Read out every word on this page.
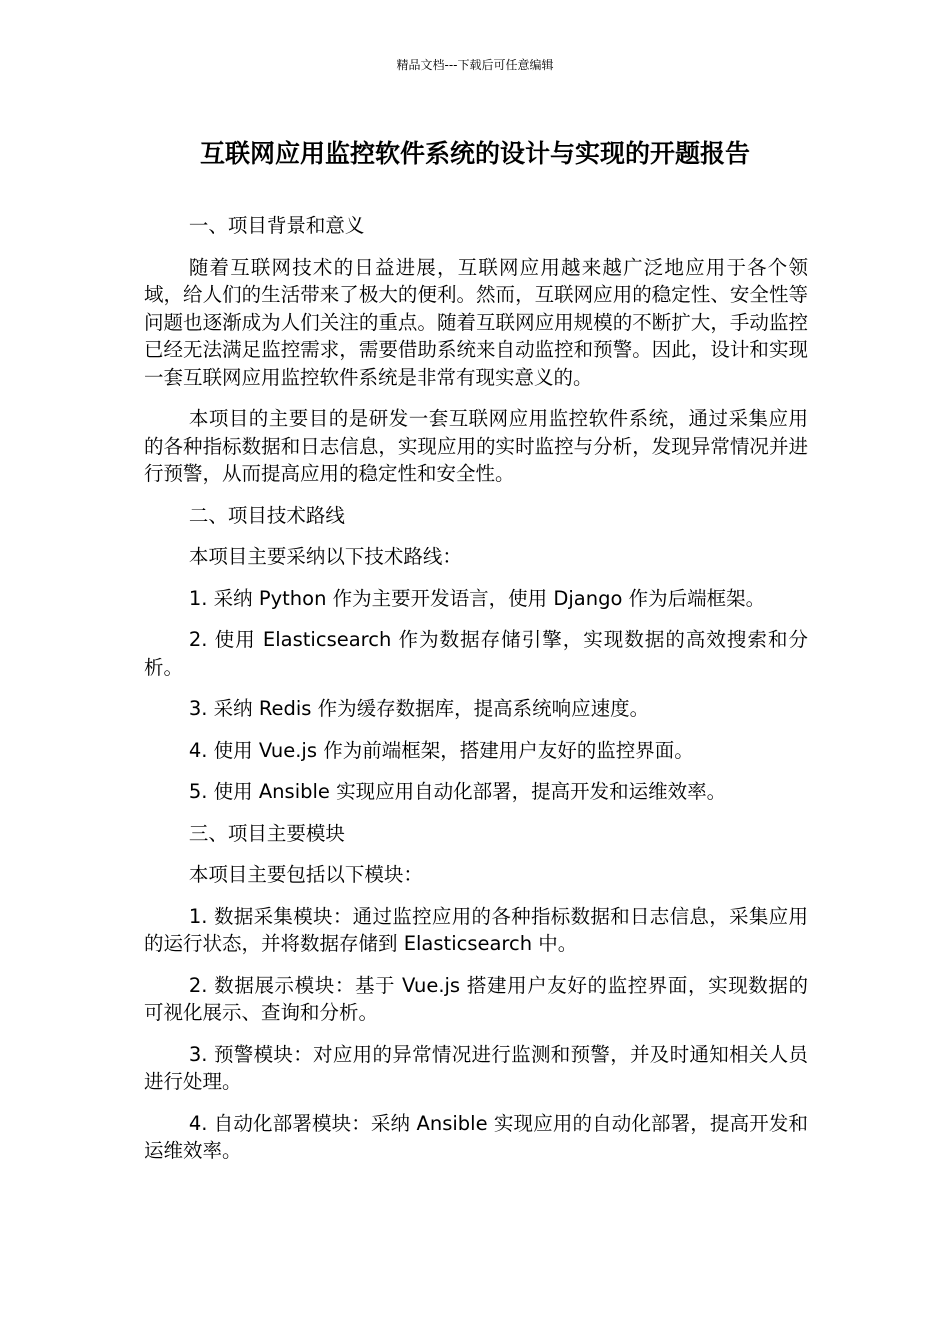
精品文档---下载后可任意编辑
互联网应用监控软件系统的设计与实现的开题报告

一、项目背景和意义

随着互联网技术的日益进展，互联网应用越来越广泛地应用于各个领域，给人们的生活带来了极大的便利。然而，互联网应用的稳定性、安全性等问题也逐渐成为人们关注的重点。随着互联网应用规模的不断扩大，手动监控已经无法满足监控需求，需要借助系统来自动监控和预警。因此，设计和实现一套互联网应用监控软件系统是非常有现实意义的。

本项目的主要目的是研发一套互联网应用监控软件系统，通过采集应用的各种指标数据和日志信息，实现应用的实时监控与分析，发现异常情况并进行预警，从而提高应用的稳定性和安全性。

二、项目技术路线

本项目主要采纳以下技术路线：

1. 采纳 Python 作为主要开发语言，使用 Django 作为后端框架。

2. 使用 Elasticsearch 作为数据存储引擎，实现数据的高效搜索和分析。

3. 采纳 Redis 作为缓存数据库，提高系统响应速度。

4. 使用 Vue.js 作为前端框架，搭建用户友好的监控界面。

5. 使用 Ansible 实现应用自动化部署，提高开发和运维效率。

三、项目主要模块

本项目主要包括以下模块：

1. 数据采集模块：通过监控应用的各种指标数据和日志信息，采集应用的运行状态，并将数据存储到 Elasticsearch 中。

2. 数据展示模块：基于 Vue.js 搭建用户友好的监控界面，实现数据的可视化展示、查询和分析。

3. 预警模块：对应用的异常情况进行监测和预警，并及时通知相关人员进行处理。

4. 自动化部署模块：采纳 Ansible 实现应用的自动化部署，提高开发和运维效率。
